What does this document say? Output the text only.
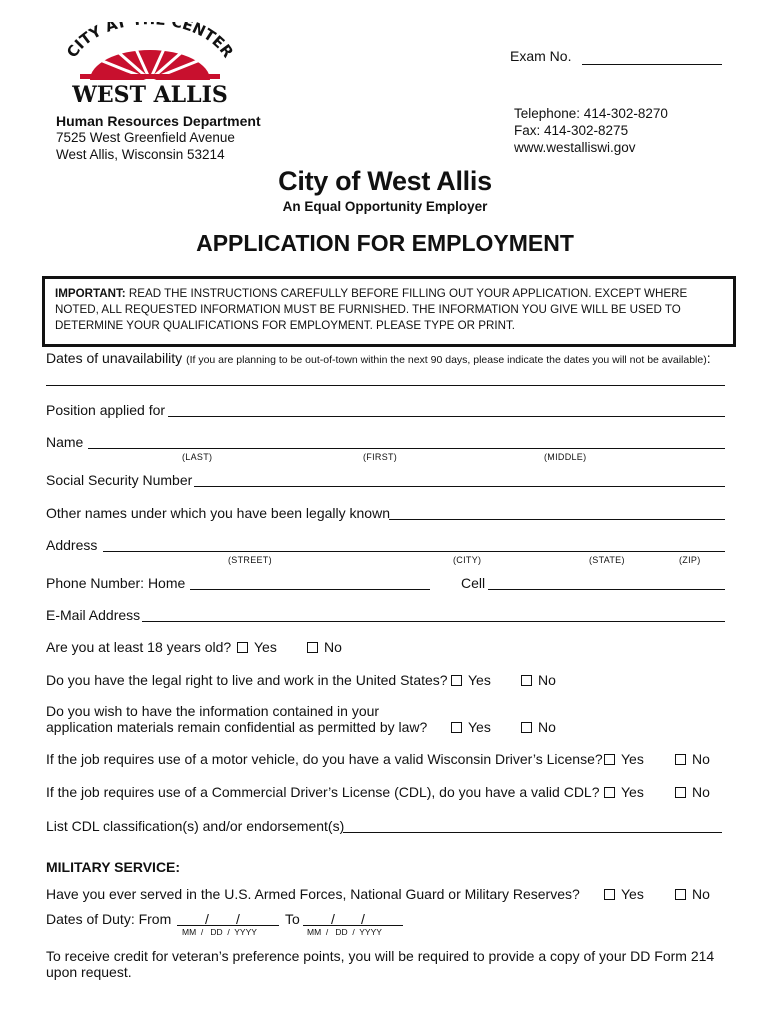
CITY AT CENTER
WEST ALLIS
Exam No.
Human Resources Department
7525 West Greenfield Avenue
West Allis, Wisconsin 53214
Telephone: 414-302-8270
Fax: 414-302-8275
www.westalliswi.gov
City of West Allis
An Equal Opportunity Employer
APPLICATION FOR EMPLOYMENT
IMPORTANT: READ THE INSTRUCTIONS CAREFULLY BEFORE FILLING OUT YOUR APPLICATION. EXCEPT WHERE NOTED, ALL REQUESTED INFORMATION MUST BE FURNISHED. THE INFORMATION YOU GIVE WILL BE USED TO DETERMINE YOUR QUALIFICATIONS FOR EMPLOYMENT. PLEASE TYPE OR PRINT.
Dates of unavailability (If you are planning to be out-of-town within the next 90 days, please indicate the dates you will not be available):
Position applied for
Name
(LAST)	(FIRST)	(MIDDLE)
Social Security Number
Other names under which you have been legally known
Address
(STREET)	(CITY)	(STATE)	(ZIP)
Phone Number: Home	Cell
E-Mail Address
Are you at least 18 years old?	Yes	No
Do you have the legal right to live and work in the United States?	Yes	No
Do you wish to have the information contained in your
application materials remain confidential as permitted by law?	Yes	No
If the job requires use of a motor vehicle, do you have a valid Wisconsin Driver’s License?	Yes	No
If the job requires use of a Commercial Driver’s License (CDL), do you have a valid CDL?	Yes	No
List CDL classification(s) and/or endorsement(s)
MILITARY SERVICE:
Have you ever served in the U.S. Armed Forces, National Guard or Military Reserves?	Yes	No
Dates of Duty: From / /	To / /
MM  /   DD  /  YYYY	MM  /   DD  /  YYYY
To receive credit for veteran’s preference points, you will be required to provide a copy of your DD Form 214
upon request.
